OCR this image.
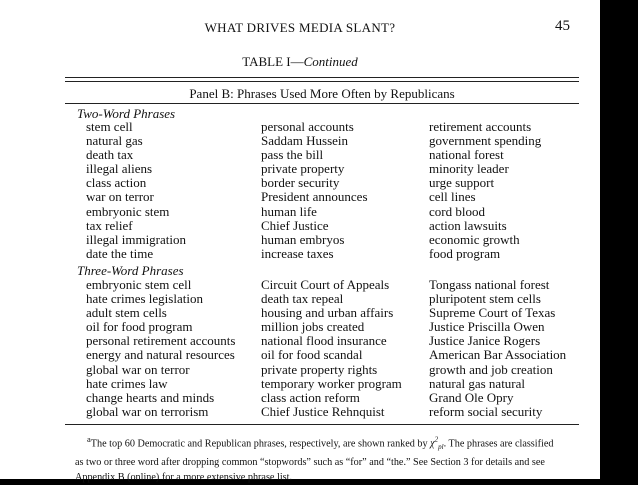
WHAT DRIVES MEDIA SLANT?	45
TABLE I—Continued
Panel B: Phrases Used More Often by Republicans
Two-Word Phrases
stem cell
natural gas
death tax
illegal aliens
class action
war on terror
embryonic stem
tax relief
illegal immigration
date the time
personal accounts
Saddam Hussein
pass the bill
private property
border security
President announces
human life
Chief Justice
human embryos
increase taxes
retirement accounts
government spending
national forest
minority leader
urge support
cell lines
cord blood
action lawsuits
economic growth
food program
Three-Word Phrases
embryonic stem cell
hate crimes legislation
adult stem cells
oil for food program
personal retirement accounts
energy and natural resources
global war on terror
hate crimes law
change hearts and minds
global war on terrorism
Circuit Court of Appeals
death tax repeal
housing and urban affairs
million jobs created
national flood insurance
oil for food scandal
private property rights
temporary worker program
class action reform
Chief Justice Rehnquist
Tongass national forest
pluripotent stem cells
Supreme Court of Texas
Justice Priscilla Owen
Justice Janice Rogers
American Bar Association
growth and job creation
natural gas natural
Grand Ole Opry
reform social security
$^a$The top 60 Democratic and Republican phrases, respectively, are shown ranked by $\chi^2_{pl}$. The phrases are classified
as two or three word after dropping common “stopwords” such as “for” and “the.” See Section 3 for details and see
Appendix B (online) for a more extensive phrase list.
